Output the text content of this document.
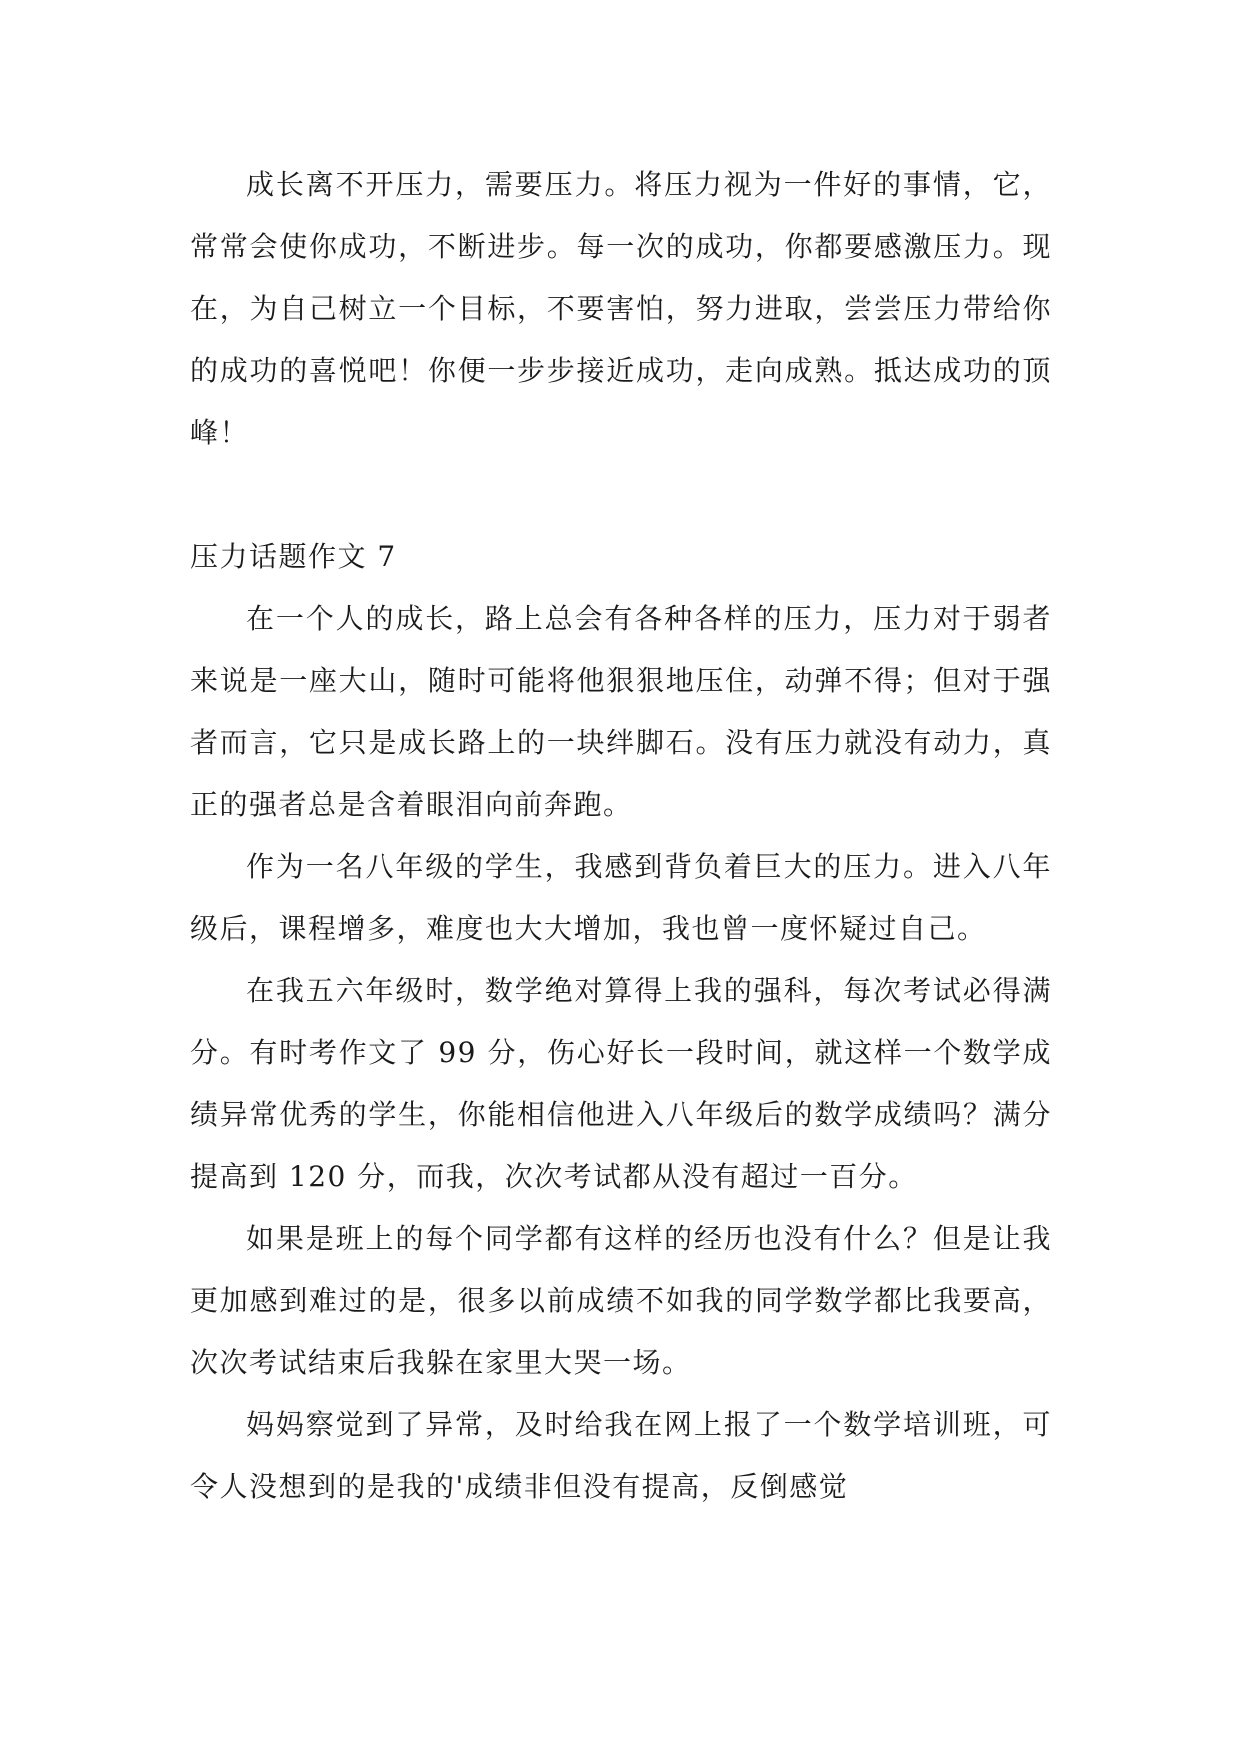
成长离不开压力，需要压力。将压力视为一件好的事情，它，常常会使你成功，不断进步。每一次的成功，你都要感激压力。现在，为自己树立一个目标，不要害怕，努力进取，尝尝压力带给你的成功的喜悦吧！你便一步步接近成功，走向成熟。抵达成功的顶峰！

压力话题作文 7

在一个人的成长，路上总会有各种各样的压力，压力对于弱者来说是一座大山，随时可能将他狠狠地压住，动弹不得；但对于强者而言，它只是成长路上的一块绊脚石。没有压力就没有动力，真正的强者总是含着眼泪向前奔跑。

作为一名八年级的学生，我感到背负着巨大的压力。进入八年级后，课程增多，难度也大大增加，我也曾一度怀疑过自己。

在我五六年级时，数学绝对算得上我的强科，每次考试必得满分。有时考作文了 99 分，伤心好长一段时间，就这样一个数学成绩异常优秀的学生，你能相信他进入八年级后的数学成绩吗？满分提高到 120 分，而我，次次考试都从没有超过一百分。

如果是班上的每个同学都有这样的经历也没有什么？但是让我更加感到难过的是，很多以前成绩不如我的同学数学都比我要高，次次考试结束后我躲在家里大哭一场。

妈妈察觉到了异常，及时给我在网上报了一个数学培训班，可令人没想到的是我的'成绩非但没有提高，反倒感觉
